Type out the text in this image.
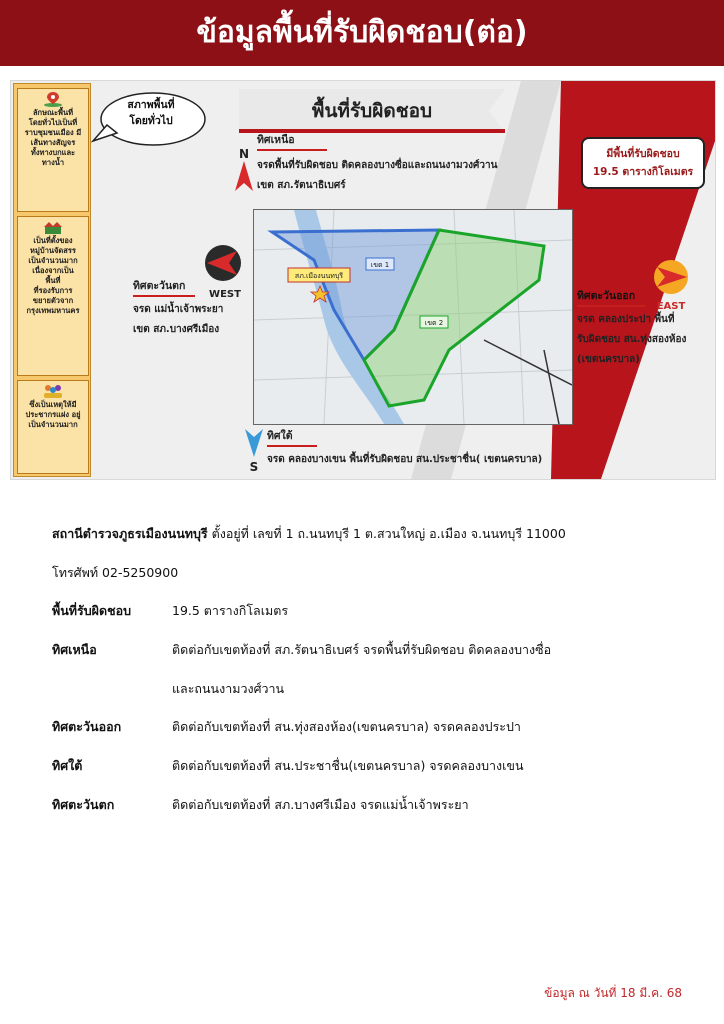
ข้อมูลพื้นที่รับผิดชอบ(ต่อ)
ลักษณะพื้นที่
โดยทั่วไปเป็นที่
ราบชุมชนเมือง มี
เส้นทางสัญจร
ทั้งทางบกและ
ทางน้ำ
เป็นที่ตั้งของ
หมู่บ้านจัดสรร
เป็นจำนวนมาก
เนื่องจากเป็น
พื้นที่
ที่รองรับการ
ขยายตัวจาก
กรุงเทพมหานคร
ซึ่งเป็นเหตุให้มี
ประชากรแฝง อยู่
เป็นจำนวนมาก
สภาพพื้นที่
โดยทั่วไป	พื้นที่รับผิดชอบ
N
ทิศเหนือ
จรดพื้นที่รับผิดชอบ ติดคลองบางซื่อและถนนงามวงศ์วาน
เขต สภ.รัตนาธิเบศร์
มีพื้นที่รับผิดชอบ
19.5 ตารางกิโลเมตร
WEST
ทิศตะวันตก
จรด แม่น้ำเจ้าพระยา
เขต สภ.บางศรีเมือง
สภ.เมืองนนทบุรี
เขต 1
เขต 2
EAST
ทิศตะวันออก
จรด คลองประปา พื้นที่
รับผิดชอบ สน.ทุ่งสองห้อง
(เขตนครบาล)
S
ทิศใต้
จรด คลองบางเขน พื้นที่รับผิดชอบ สน.ประชาชื่น( เขตนครบาล)
สถานีตำรวจภูธรเมืองนนทบุรี ตั้งอยู่ที่ เลขที่ 1 ถ.นนทบุรี 1 ต.สวนใหญ่ อ.เมือง จ.นนทบุรี 11000
โทรศัพท์ 02-5250900
พื้นที่รับผิดชอบ	19.5 ตารางกิโลเมตร
ทิศเหนือ	ติดต่อกับเขตท้องที่ สภ.รัตนาธิเบศร์ จรดพื้นที่รับผิดชอบ ติดคลองบางซื่อ
และถนนงามวงศ์วาน
ทิศตะวันออก	ติดต่อกับเขตท้องที่ สน.ทุ่งสองห้อง(เขตนครบาล) จรดคลองประปา
ทิศใต้	ติดต่อกับเขตท้องที่ สน.ประชาชื่น(เขตนครบาล) จรดคลองบางเขน
ทิศตะวันตก	ติดต่อกับเขตท้องที่ สภ.บางศรีเมือง จรดแม่น้ำเจ้าพระยา
ข้อมูล ณ วันที่ 18 มี.ค. 68
